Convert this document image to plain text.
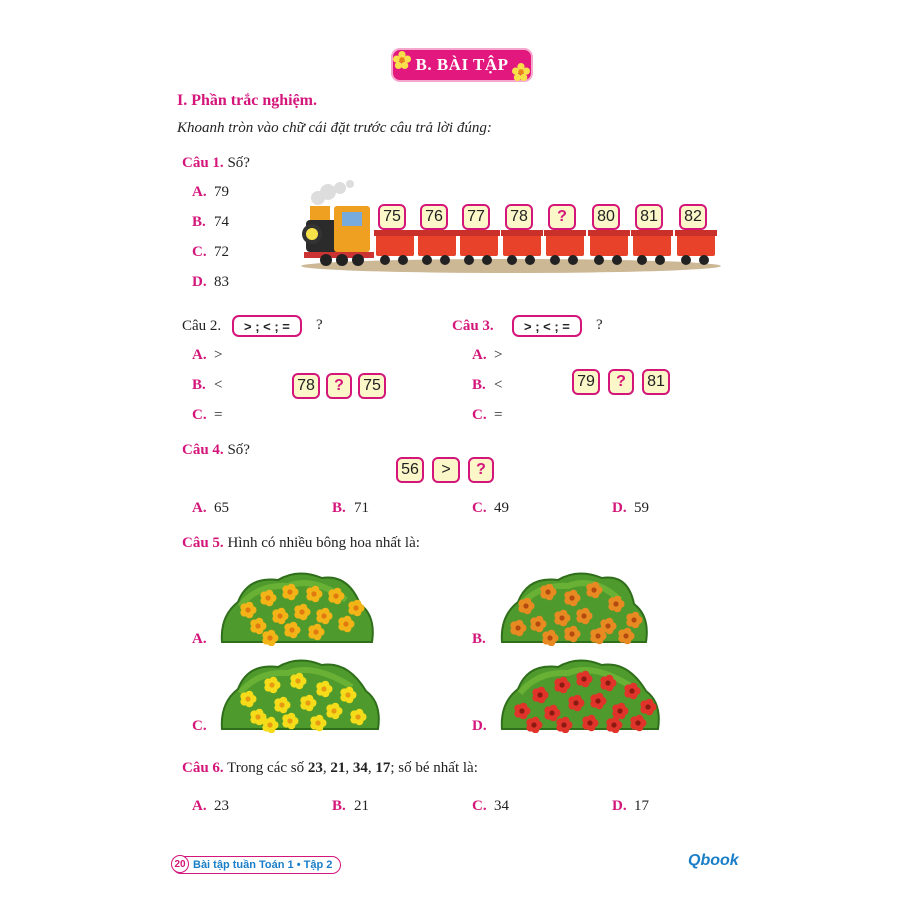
B. BÀI TẬP
I. Phần trắc nghiệm.
Khoanh tròn vào chữ cái đặt trước câu trả lời đúng:
Câu 1. Số?
A. 79
B. 74
C. 72
D. 83
75	76	77	78	?	80	81	82
Câu 2. > ; < ; = ?
A. >
B. <
C. =
78	?	75
Câu 3. > ; < ; = ?
A. >
B. <
C. =
79	?	81
Câu 4. Số?
56	>	?
A. 65	B. 71	C. 49	D. 59
Câu 5. Hình có nhiều bông hoa nhất là:
A.	B.
C.	D.
Câu 6. Trong các số 23, 21, 34, 17; số bé nhất là:
A. 23	B. 21	C. 34	D. 17
20 Bài tập tuần Toán 1 • Tập 2	Qbook
